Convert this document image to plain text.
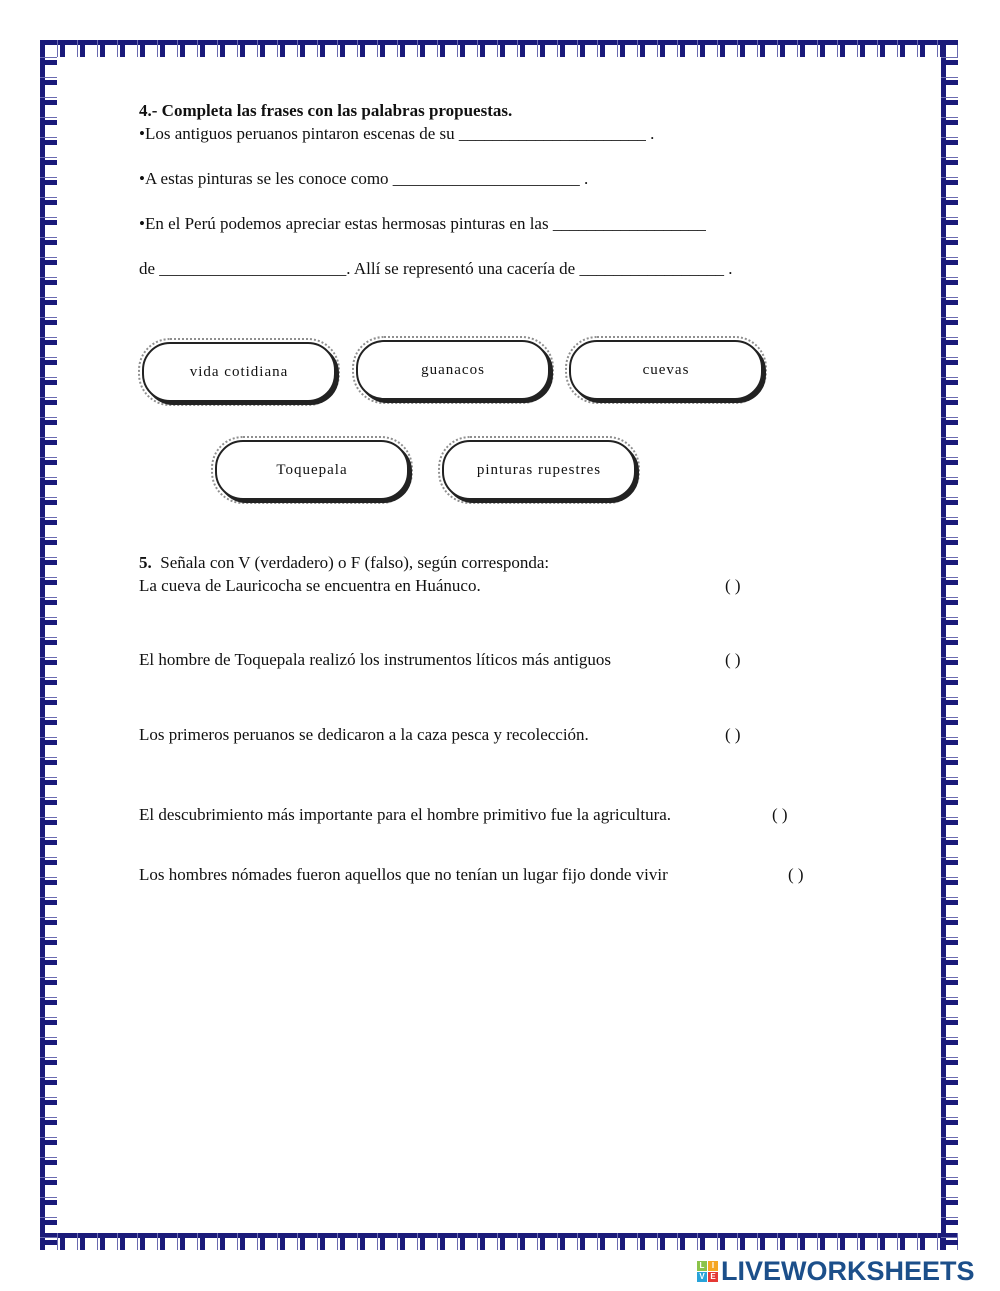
4.- Completa las frases con las palabras propuestas.
•Los antiguos peruanos pintaron escenas de su ______________________ .
•A estas pinturas se les conoce como ______________________ .
•En el Perú podemos apreciar estas hermosas pinturas en las __________________
de ______________________. Allí se representó una cacería de _________________ .
vida cotidiana	guanacos	cuevas
Toquepala	pinturas rupestres
5. Señala con V (verdadero) o F (falso), según corresponda:
La cueva de Lauricocha se encuentra en Huánuco.	( )
El hombre de Toquepala realizó los instrumentos líticos más antiguos	( )
Los primeros peruanos se dedicaron a la caza pesca y recolección.	( )
El descubrimiento más importante para el hombre primitivo fue la agricultura.	( )
Los hombres nómades fueron aquellos que no tenían un lugar fijo donde vivir	( )
L I
V E LIVEWORKSHEETS
